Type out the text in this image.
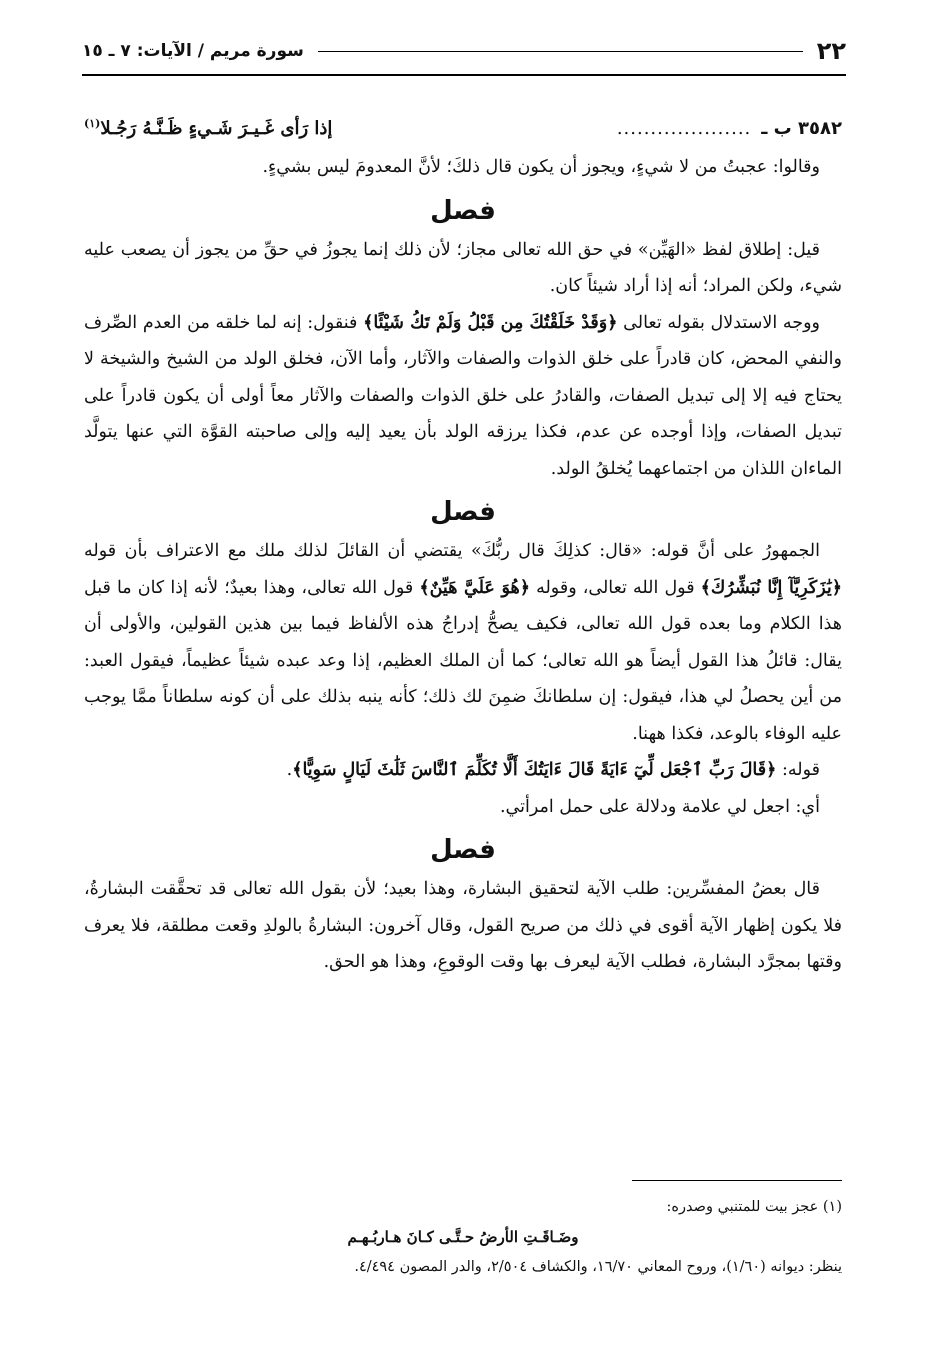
٢٢
سورة مريم / الآيات: ٧ ـ ١٥
٣٥٨٢ ب ـ
....................
إذا رَأى غَـيـرَ شَـيءٍ ظَـنَّـهُ رَجُـلا$^{(١)}$

وقالوا: عجبتُ من لا شيءٍ، ويجوز أن يكون قال ذلكَ؛ لأنَّ المعدومَ ليس بشيءٍ.

فصل

قيل: إطلاق لفظ «الهَيِّن» في حق الله تعالى مجاز؛ لأن ذلك إنما يجوزُ في حقِّ من يجوز أن يصعب عليه شيء، ولكن المراد؛ أنه إذا أراد شيئاً كان.

ووجه الاستدلال بقوله تعالى ﴿وَقَدْ خَلَقْتُكَ مِن قَبْلُ وَلَمْ تَكُ شَيْئًا﴾ فنقول: إنه لما خلقه من العدم الصِّرف والنفي المحض، كان قادراً على خلق الذوات والصفات والآثار، وأما الآن، فخلق الولد من الشيخ والشيخة لا يحتاج فيه إلا إلى تبديل الصفات، والقادرُ على خلق الذوات والصفات والآثار معاً أولى أن يكون قادراً على تبديل الصفات، وإذا أوجده عن عدم، فكذا يرزقه الولد بأن يعيد إليه وإلى صاحبته القوَّة التي عنها يتولَّد الماءان اللذان من اجتماعهما يُخلقُ الولد.

فصل

الجمهورُ على أنَّ قوله: «قال: كذلِكَ قال ربُّكَ» يقتضي أن القائلَ لذلك ملك مع الاعتراف بأن قوله ﴿يَٰزَكَرِيَّآ إِنَّا نُبَشِّرُكَ﴾ قول الله تعالى، وقوله ﴿هُوَ عَلَيَّ هَيِّنٌ﴾ قول الله تعالى، وهذا بعيدٌ؛ لأنه إذا كان ما قبل هذا الكلام وما بعده قول الله تعالى، فكيف يصحُّ إدراجُ هذه الألفاظ فيما بين هذين القولين، والأولى أن يقال: قائلُ هذا القول أيضاً هو الله تعالى؛ كما أن الملك العظيم، إذا وعد عبده شيئاً عظيماً، فيقول العبد: من أين يحصلُ لي هذا، فيقول: إن سلطانكَ ضمِنَ لك ذلك؛ كأنه ينبه بذلك على أن كونه سلطاناً ممَّا يوجب عليه الوفاء بالوعد، فكذا ههنا.

قوله: ﴿قَالَ رَبِّ ٱجْعَل لِّيٓ ءَايَةً قَالَ ءَايَتُكَ أَلَّا تُكَلِّمَ ٱلنَّاسَ ثَلَٰثَ لَيَالٍ سَوِيًّا﴾.

أي: اجعل لي علامة ودلالة على حمل امرأتي.

فصل

قال بعضُ المفسِّرين: طلب الآية لتحقيق البشارة، وهذا بعيد؛ لأن بقول الله تعالى قد تحقَّقت البشارةُ، فلا يكون إظهار الآية أقوى في ذلك من صريح القول، وقال آخرون: البشارةُ بالولدِ وقعت مطلقة، فلا يعرف وقتها بمجرَّد البشارة، فطلب الآية ليعرف بها وقت الوقوعِ، وهذا هو الحق.

(١) عجز بيت للمتنبي وصدره:

وضَـاقَـتِ الأرضُ حـتَّـى كـانَ هـاربُـهـم

ينظر: ديوانه (١/٦٠)، وروح المعاني ١٦/٧٠، والكشاف ٢/٥٠٤، والدر المصون ٤/٤٩٤.
